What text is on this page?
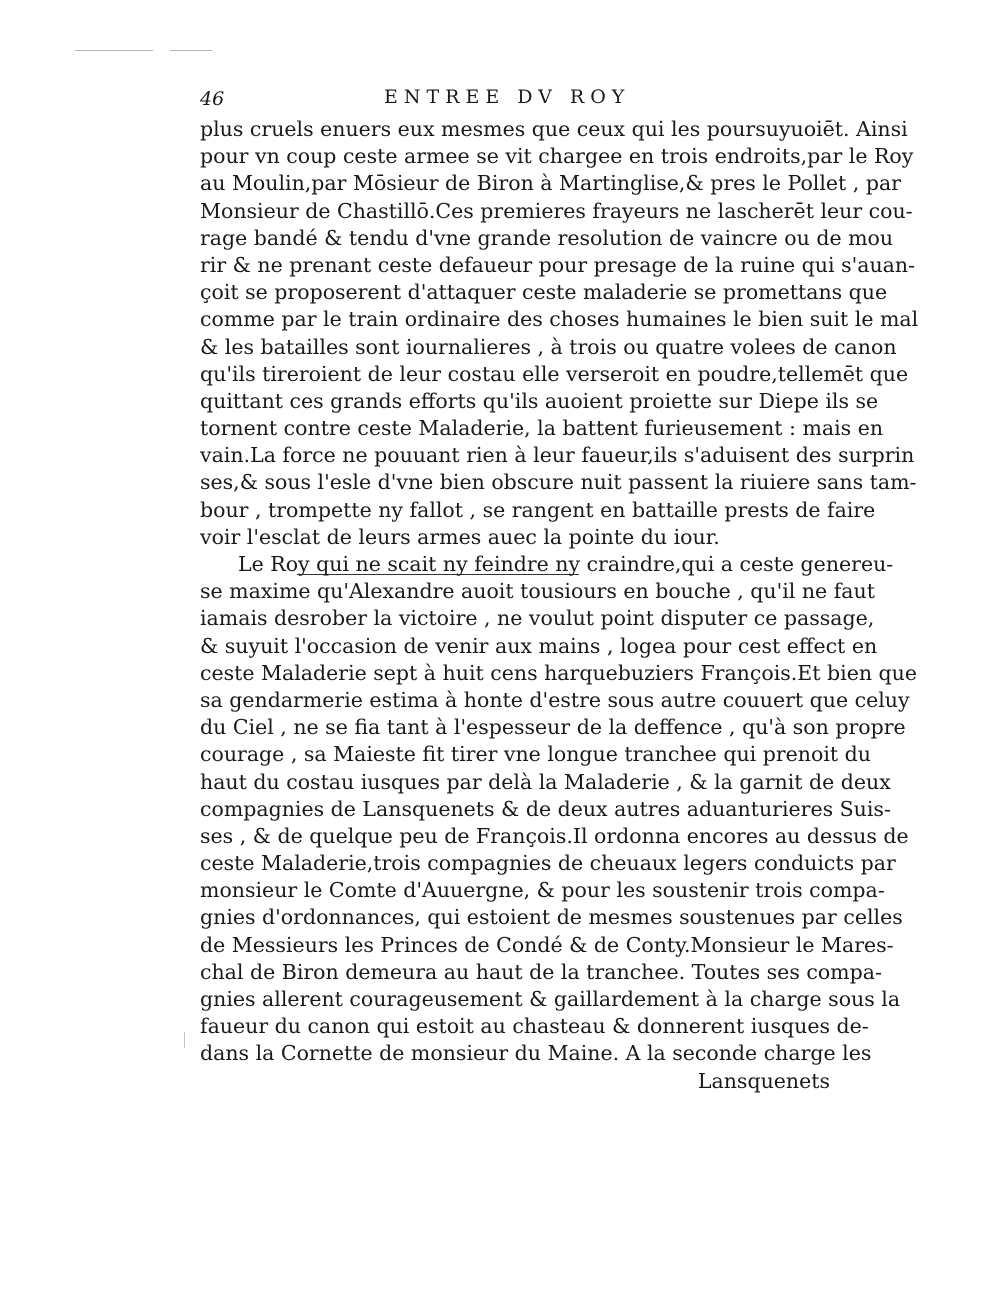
46	ENTREE DV ROY
plus cruels enuers eux mesmes que ceux qui les poursuyuoiēt. Ainsi
pour vn coup ceste armee se vit chargee en trois endroits,par le Roy
au Moulin,par Mōsieur de Biron à Martinglise,& pres le Pollet , par
Monsieur de Chastillō.Ces premieres frayeurs ne lascherēt leur cou-
rage bandé & tendu d'vne grande resolution de vaincre ou de mou
rir & ne prenant ceste defaueur pour presage de la ruine qui s'auan-
çoit se proposerent d'attaquer ceste maladerie se promettans que
comme par le train ordinaire des choses humaines le bien suit le mal
& les batailles sont iournalieres , à trois ou quatre volees de canon
qu'ils tireroient de leur costau elle verseroit en poudre,tellemēt que
quittant ces grands efforts qu'ils auoient proiette sur Diepe ils se
tornent contre ceste Maladerie, la battent furieusement : mais en
vain.La force ne pouuant rien à leur faueur,ils s'aduisent des surprin
ses,& sous l'esle d'vne bien obscure nuit passent la riuiere sans tam-
bour , trompette ny fallot , se rangent en battaille prests de faire
voir l'esclat de leurs armes auec la pointe du iour.
Le Roy qui ne scait ny feindre ny craindre,qui a ceste genereu-
se maxime qu'Alexandre auoit tousiours en bouche , qu'il ne faut
iamais desrober la victoire , ne voulut point disputer ce passage,
& suyuit l'occasion de venir aux mains , logea pour cest effect en
ceste Maladerie sept à huit cens harquebuziers François.Et bien que
sa gendarmerie estima à honte d'estre sous autre couuert que celuy
du Ciel , ne se fia tant à l'espesseur de la deffence , qu'à son propre
courage , sa Maieste fit tirer vne longue tranchee qui prenoit du
haut du costau iusques par delà la Maladerie , & la garnit de deux
compagnies de Lansquenets & de deux autres aduanturieres Suis-
ses , & de quelque peu de François.Il ordonna encores au dessus de
ceste Maladerie,trois compagnies de cheuaux legers conduicts par
monsieur le Comte d'Auuergne, & pour les soustenir trois compa-
gnies d'ordonnances, qui estoient de mesmes soustenues par celles
de Messieurs les Princes de Condé & de Conty.Monsieur le Mares-
chal de Biron demeura au haut de la tranchee. Toutes ses compa-
gnies allerent courageusement & gaillardement à la charge sous la
faueur du canon qui estoit au chasteau & donnerent iusques de-
dans la Cornette de monsieur du Maine. A la seconde charge les
Lansquenets
